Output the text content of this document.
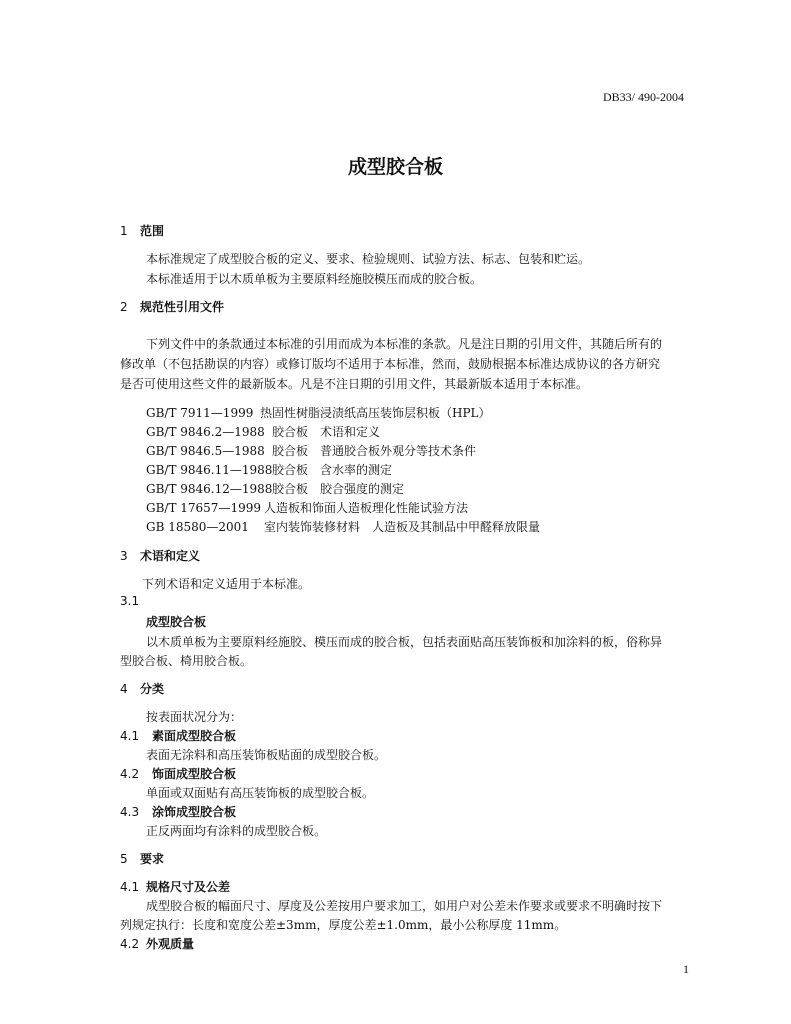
DB33/ 490-2004
成型胶合板
1 范围
本标准规定了成型胶合板的定义、要求、检验规则、试验方法、标志、包装和贮运。
本标准适用于以木质单板为主要原料经施胶模压而成的胶合板。
2 规范性引用文件
下列文件中的条款通过本标准的引用而成为本标准的条款。凡是注日期的引用文件，其随后所有的
修改单（不包括勘误的内容）或修订版均不适用于本标准，然而，鼓励根据本标准达成协议的各方研究
是否可使用这些文件的最新版本。凡是不注日期的引用文件，其最新版本适用于本标准。
GB/T 7911—1999 热固性树脂浸渍纸高压装饰层积板（HPL）
GB/T 9846.2—1988 胶合板　术语和定义
GB/T 9846.5—1988 胶合板　普通胶合板外观分等技术条件
GB/T 9846.11—1988胶合板　含水率的测定
GB/T 9846.12—1988胶合板　胶合强度的测定
GB/T 17657—1999 人造板和饰面人造板理化性能试验方法
GB 18580—2001 室内装饰装修材料　人造板及其制品中甲醛释放限量
3 术语和定义
下列术语和定义适用于本标准。
3.1
成型胶合板
以木质单板为主要原料经施胶、模压而成的胶合板，包括表面贴高压装饰板和加涂料的板，俗称异
型胶合板、椅用胶合板。
4 分类
按表面状况分为：
4.1 素面成型胶合板
表面无涂料和高压装饰板贴面的成型胶合板。
4.2 饰面成型胶合板
单面或双面贴有高压装饰板的成型胶合板。
4.3 涂饰成型胶合板
正反两面均有涂料的成型胶合板。
5 要求
4.1 规格尺寸及公差
成型胶合板的幅面尺寸、厚度及公差按用户要求加工，如用户对公差未作要求或要求不明确时按下
列规定执行：长度和宽度公差±3mm，厚度公差±1.0mm，最小公称厚度 11mm。
4.2 外观质量
1
